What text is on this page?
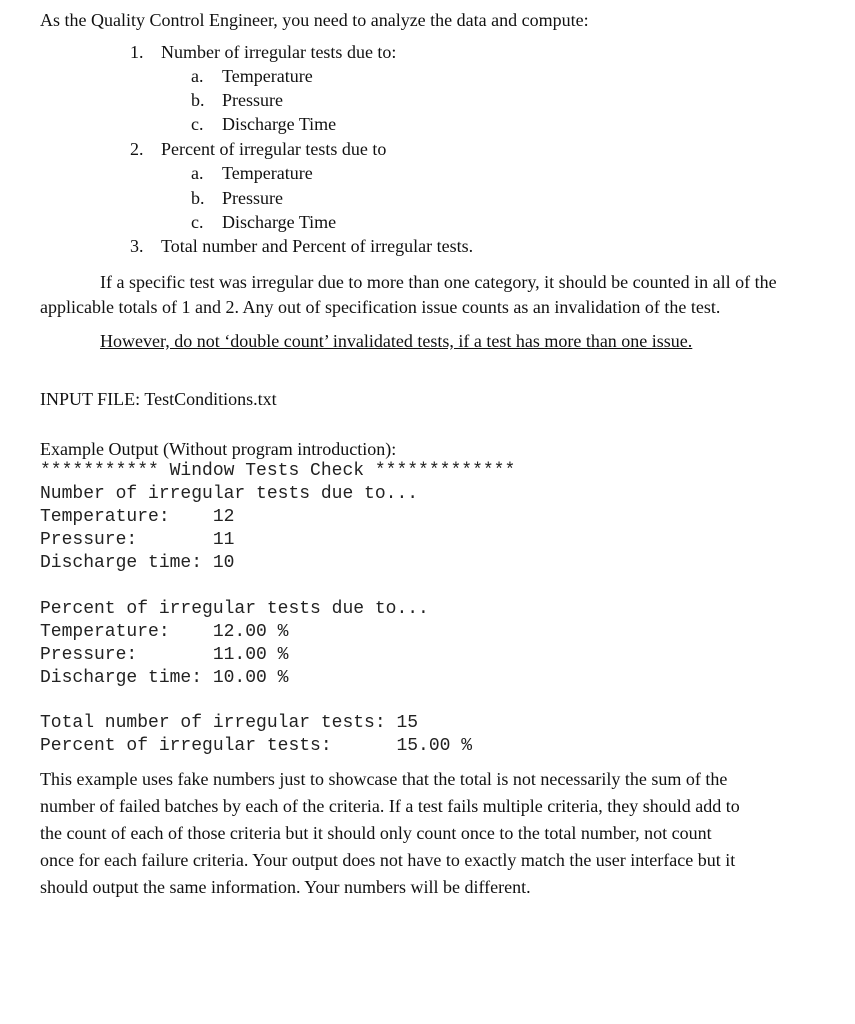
As the Quality Control Engineer, you need to analyze the data and compute:
1. Number of irregular tests due to:
a. Temperature
b. Pressure
c. Discharge Time
2. Percent of irregular tests due to
a. Temperature
b. Pressure
c. Discharge Time
3. Total number and Percent of irregular tests.
If a specific test was irregular due to more than one category, it should be counted in all of the
applicable totals of 1 and 2. Any out of specification issue counts as an invalidation of the test.
However, do not ‘double count’ invalidated tests, if a test has more than one issue.
INPUT FILE: TestConditions.txt
Example Output (Without program introduction):
*********** Window Tests Check *************
Number of irregular tests due to...
Temperature:    12
Pressure:       11
Discharge time: 10
Percent of irregular tests due to...
Temperature:    12.00 %
Pressure:       11.00 %
Discharge time: 10.00 %
Total number of irregular tests: 15
Percent of irregular tests:      15.00 %
This example uses fake numbers just to showcase that the total is not necessarily the sum of the
number of failed batches by each of the criteria. If a test fails multiple criteria, they should add to
the count of each of those criteria but it should only count once to the total number, not count
once for each failure criteria. Your output does not have to exactly match the user interface but it
should output the same information. Your numbers will be different.
